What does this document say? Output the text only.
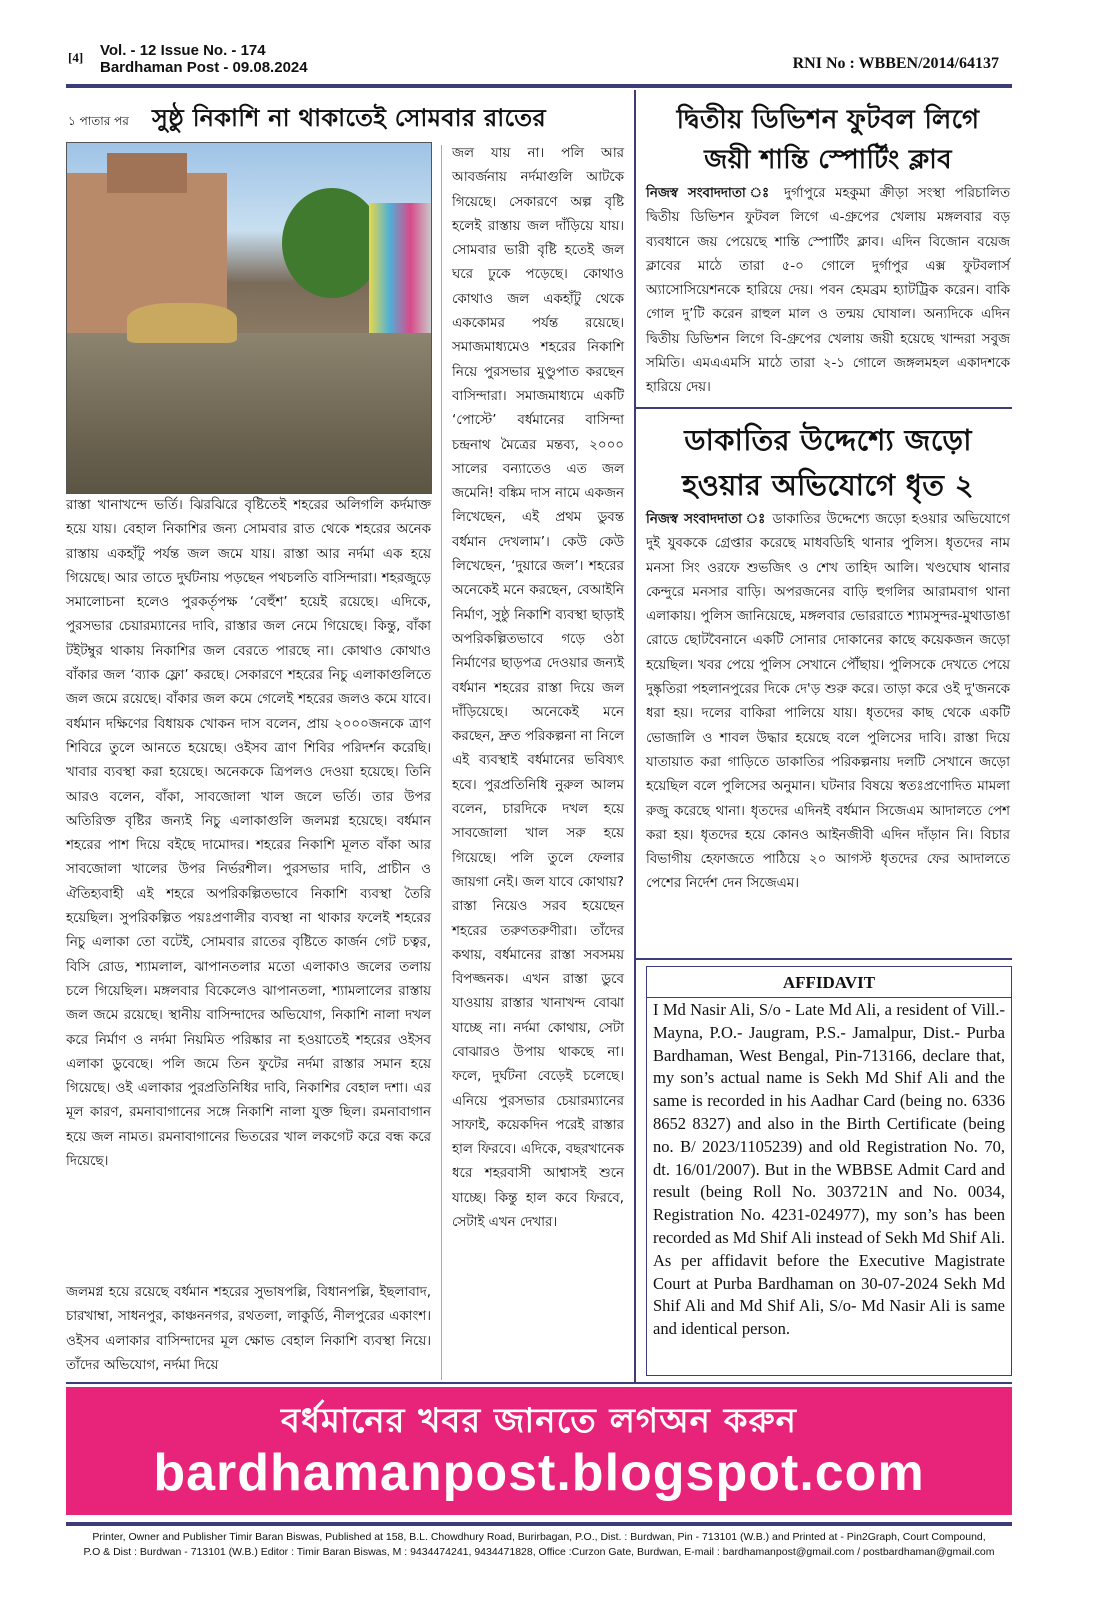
[4] Vol. - 12 Issue No. - 174
Bardhaman Post - 09.08.2024	RNI No : WBBEN/2014/64137
১ পাতার পর সুষ্ঠু নিকাশি না থাকাতেই সোমবার রাতের

রাস্তা খানাখন্দে ভর্তি। ঝিরঝিরে বৃষ্টিতেই শহরের অলিগলি কর্দমাক্ত হয়ে যায়। বেহাল নিকাশির জন্য সোমবার রাত থেকে শহরের অনেক রাস্তায় একহাঁটু পর্যন্ত জল জমে যায়। রাস্তা আর নর্দমা এক হয়ে গিয়েছে। আর তাতে দুর্ঘটনায় পড়ছেন পথচলতি বাসিন্দারা। শহরজুড়ে সমালোচনা হলেও পুরকর্তৃপক্ষ ‘বেহুঁশ’ হয়েই রয়েছে। এদিকে, পুরসভার চেয়ারম্যানের দাবি, রাস্তার জল নেমে গিয়েছে। কিন্তু, বাঁকা টইটম্বুর থাকায় নিকাশির জল বেরতে পারছে না। কোথাও কোথাও বাঁকার জল ‘ব্যাক ফ্লো’ করছে। সেকারণে শহরের নিচু এলাকাগুলিতে জল জমে রয়েছে। বাঁকার জল কমে গেলেই শহরের জলও কমে যাবে। বর্ধমান দক্ষিণের বিধায়ক খোকন দাস বলেন, প্রায় ২০০০জনকে ত্রাণ শিবিরে তুলে আনতে হয়েছে। ওইসব ত্রাণ শিবির পরিদর্শন করেছি। খাবার ব্যবস্থা করা হয়েছে। অনেককে ত্রিপলও দেওয়া হয়েছে। তিনি আরও বলেন, বাঁকা, সাবজোলা খাল জলে ভর্তি। তার উপর অতিরিক্ত বৃষ্টির জন্যই নিচু এলাকাগুলি জলমগ্ন হয়েছে। বর্ধমান শহরের পাশ দিয়ে বইছে দামোদর। শহরের নিকাশি মূলত বাঁকা আর সাবজোলা খালের উপর নির্ভরশীল। পুরসভার দাবি, প্রাচীন ও ঐতিহ্যবাহী এই শহরে অপরিকল্পিতভাবে নিকাশি ব্যবস্থা তৈরি হয়েছিল। সুপরিকল্পিত পয়ঃপ্রণালীর ব্যবস্থা না থাকার ফলেই শহরের নিচু এলাকা তো বটেই, সোমবার রাতের বৃষ্টিতে কার্জন গেট চত্বর, বিসি রোড, শ্যামলাল, ঝাপানতলার মতো এলাকাও জলের তলায় চলে গিয়েছিল। মঙ্গলবার বিকেলেও ঝাপানতলা, শ্যামলালের রাস্তায় জল জমে রয়েছে। স্থানীয় বাসিন্দাদের অভিযোগ, নিকাশি নালা দখল করে নির্মাণ ও নর্দমা নিয়মিত পরিষ্কার না হওয়াতেই শহরের ওইসব এলাকা ডুবেছে। পলি জমে তিন ফুটের নর্দমা রাস্তার সমান হয়ে গিয়েছে। ওই এলাকার পুরপ্রতিনিধির দাবি, নিকাশির বেহাল দশা। এর মূল কারণ, রমনাবাগানের সঙ্গে নিকাশি নালা যুক্ত ছিল। রমনাবাগান হয়ে জল নামত। রমনাবাগানের ভিতরের খাল লকগেট করে বন্ধ করে দিয়েছে।

জলমগ্ন হয়ে রয়েছে বর্ধমান শহরের সুভাষপল্লি, বিধানপল্লি, ইছলাবাদ, চারখাম্বা, সাধনপুর, কাঞ্চননগর, রথতলা, লাকুর্ডি, নীলপুরের একাংশ। ওইসব এলাকার বাসিন্দাদের মূল ক্ষোভ বেহাল নিকাশি ব্যবস্থা নিয়ে। তাঁদের অভিযোগ, নর্দমা দিয়ে

জল যায় না। পলি আর আবর্জনায় নর্দমাগুলি আটকে গিয়েছে। সেকারণে অল্প বৃষ্টি হলেই রাস্তায় জল দাঁড়িয়ে যায়। সোমবার ভারী বৃষ্টি হতেই জল ঘরে ঢুকে পড়েছে। কোথাও কোথাও জল একহাঁটু থেকে এককোমর পর্যন্ত রয়েছে। সমাজমাধ্যমেও শহরের নিকাশি নিয়ে পুরসভার মুণ্ডুপাত করছেন বাসিন্দারা। সমাজমাধ্যমে একটি ‘পোস্টে’ বর্ধমানের বাসিন্দা চন্দ্রনাথ মৈত্রের মন্তব্য, ২০০০ সালের বন্যাতেও এত জল জমেনি! বঙ্কিম দাস নামে একজন লিখেছেন, এই প্রথম ডুবন্ত বর্ধমান দেখলাম’। কেউ কেউ লিখেছেন, ‘দুয়ারে জল’। শহরের অনেকেই মনে করছেন, বেআইনি নির্মাণ, সুষ্ঠু নিকাশি ব্যবস্থা ছাড়াই অপরিকল্পিতভাবে গড়ে ওঠা নির্মাণের ছাড়পত্র দেওয়ার জন্যই বর্ধমান শহরের রাস্তা দিয়ে জল দাঁড়িয়েছে। অনেকেই মনে করছেন, দ্রুত পরিকল্পনা না নিলে এই ব্যবস্থাই বর্ধমানের ভবিষ্যৎ হবে। পুরপ্রতিনিধি নুরুল আলম বলেন, চারদিকে দখল হয়ে সাবজোলা খাল সরু হয়ে গিয়েছে। পলি তুলে ফেলার জায়গা নেই। জল যাবে কোথায়? রাস্তা নিয়েও সরব হয়েছেন শহরের তরুণতরুণীরা। তাঁদের কথায়, বর্ধমানের রাস্তা সবসময় বিপজ্জনক। এখন রাস্তা ডুবে যাওয়ায় রাস্তার খানাখন্দ বোঝা যাচ্ছে না। নর্দমা কোথায়, সেটা বোঝারও উপায় থাকছে না। ফলে, দুর্ঘটনা বেড়েই চলেছে। এনিয়ে পুরসভার চেয়ারম্যানের সাফাই, কয়েকদিন পরেই রাস্তার হাল ফিরবে। এদিকে, বছরখানেক ধরে শহরবাসী আশ্বাসই শুনে যাচ্ছে। কিন্তু হাল কবে ফিরবে, সেটাই এখন দেখার।

দ্বিতীয় ডিভিশন ফুটবল লিগে
জয়ী শান্তি স্পোর্টিং ক্লাব

নিজস্ব সংবাদদাতা ঃ দুর্গাপুরে মহকুমা ক্রীড়া সংস্থা পরিচালিত দ্বিতীয় ডিভিশন ফুটবল লিগে এ-গ্রুপের খেলায় মঙ্গলবার বড় ব্যবধানে জয় পেয়েছে শান্তি স্পোর্টিং ক্লাব। এদিন বিজোন বয়েজ ক্লাবের মাঠে তারা ৫-০ গোলে দুর্গাপুর এক্স ফুটবলার্স অ্যাসোসিয়েশনকে হারিয়ে দেয়। পবন হেমব্রম হ্যাটট্রিক করেন। বাকি গোল দু’টি করেন রাহুল মাল ও তন্ময় ঘোষাল। অন্যদিকে এদিন দ্বিতীয় ডিভিশন লিগে বি-গ্রুপের খেলায় জয়ী হয়েছে খান্দরা সবুজ সমিতি। এমএএমসি মাঠে তারা ২-১ গোলে জঙ্গলমহল একাদশকে হারিয়ে দেয়।

ডাকাতির উদ্দেশ্যে জড়ো
হওয়ার অভিযোগে ধৃত ২

নিজস্ব সংবাদদাতা ঃ ডাকাতির উদ্দেশ্যে জড়ো হওয়ার অভিযোগে দুই যুবককে গ্রেপ্তার করেছে মাধবডিহি থানার পুলিস। ধৃতদের নাম মনসা সিং ওরফে শুভজিৎ ও শেখ তাহিদ আলি। খণ্ডঘোষ থানার কেন্দুরে মনসার বাড়ি। অপরজনের বাড়ি হুগলির আরামবাগ থানা এলাকায়। পুলিস জানিয়েছে, মঙ্গলবার ভোররাতে শ্যামসুন্দর-মুথাডাঙা রোডে ছোটবৈনানে একটি সোনার দোকানের কাছে কয়েকজন জড়ো হয়েছিল। খবর পেয়ে পুলিস সেখানে পৌঁছায়। পুলিসকে দেখতে পেয়ে দুষ্কৃতিরা পহলানপুরের দিকে দে'ড় শুরু করে। তাড়া করে ওই দু'জনকে ধরা হয়। দলের বাকিরা পালিয়ে যায়। ধৃতদের কাছ থেকে একটি ভোজালি ও শাবল উদ্ধার হয়েছে বলে পুলিসের দাবি। রাস্তা দিয়ে যাতায়াত করা গাড়িতে ডাকাতির পরিকল্পনায় দলটি সেখানে জড়ো হয়েছিল বলে পুলিসের অনুমান। ঘটনার বিষয়ে স্বতঃপ্রণোদিত মামলা রুজু করেছে থানা। ধৃতদের এদিনই বর্ধমান সিজেএম আদালতে পেশ করা হয়। ধৃতদের হয়ে কোনও আইনজীবী এদিন দাঁড়ান নি। বিচার বিভাগীয় হেফাজতে পাঠিয়ে ২০ আগস্ট ধৃতদের ফের আদালতে পেশের নির্দেশ দেন সিজেএম।

AFFIDAVIT
I Md Nasir Ali, S/o - Late Md Ali, a resident of Vill.- Mayna, P.O.- Jaugram, P.S.- Jamalpur, Dist.- Purba Bardhaman, West Bengal, Pin-713166, declare that, my son’s actual name is Sekh Md Shif Ali and the same is recorded in his Aadhar Card (being no. 6336 8652 8327) and also in the Birth Certificate (being no. B/ 2023/1105239) and old Registration No. 70, dt. 16/01/2007). But in the WBBSE Admit Card and result (being Roll No. 303721N and No. 0034, Registration No. 4231-024977), my son’s has been recorded as Md Shif Ali instead of Sekh Md Shif Ali. As per affidavit before the Executive Magistrate Court at Purba Bardhaman on 30-07-2024 Sekh Md Shif Ali and Md Shif Ali, S/o- Md Nasir Ali is same and identical person.
বর্ধমানের খবর জানতে লগঅন করুন
bardhamanpost.blogspot.com
Printer, Owner and Publisher Timir Baran Biswas, Published at 158, B.L. Chowdhury Road, Burirbagan, P.O., Dist. : Burdwan, Pin - 713101 (W.B.) and Printed at - Pin2Graph, Court Compound,
P.O & Dist : Burdwan - 713101 (W.B.) Editor : Timir Baran Biswas, M : 9434474241, 9434471828, Office :Curzon Gate, Burdwan, E-mail : bardhamanpost@gmail.com / postbardhaman@gmail.com
